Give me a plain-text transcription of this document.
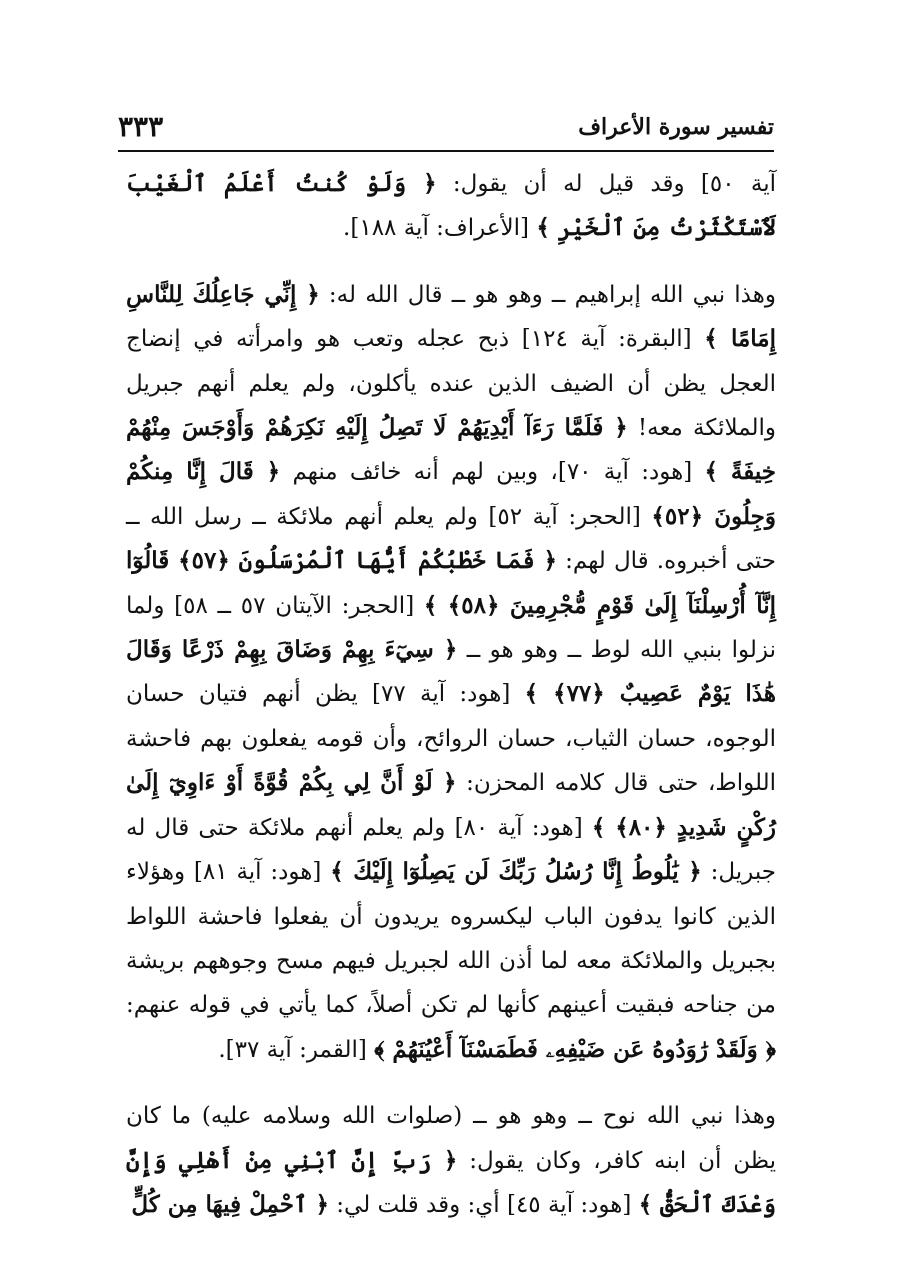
تفسير سورة الأعراف
٣٣٣

آية ٥٠] وقد قيل له أن يقول: ﴿ وَلَوْ كُنتُ أَعْلَمُ ٱلْغَيْبَ لَٱسْتَكْثَرْتُ مِنَ ٱلْخَيْرِ ﴾ [الأعراف: آية ١٨٨].

وهذا نبي الله إبراهيم ــ وهو هو ــ قال الله له: ﴿ إِنِّي جَاعِلُكَ لِلنَّاسِ إِمَامًا ﴾ [البقرة: آية ١٢٤] ذبح عجله وتعب هو وامرأته في إنضاج العجل يظن أن الضيف الذين عنده يأكلون، ولم يعلم أنهم جبريل والملائكة معه! ﴿ فَلَمَّا رَءَآ أَيْدِيَهُمْ لَا تَصِلُ إِلَيْهِ نَكِرَهُمْ وَأَوْجَسَ مِنْهُمْ خِيفَةً ﴾ [هود: آية ٧٠]، وبين لهم أنه خائف منهم ﴿ قَالَ إِنَّا مِنكُمْ وَجِلُونَ ﴿٥٢﴾ [الحجر: آية ٥٢] ولم يعلم أنهم ملائكة ــ رسل الله ــ حتى أخبروه. قال لهم: ﴿ فَمَا خَطْبُكُمْ أَيُّهَا ٱلْمُرْسَلُونَ ﴿٥٧﴾ قَالُوٓا إِنَّآ أُرْسِلْنَآ إِلَىٰ قَوْمٍ مُّجْرِمِينَ ﴿٥٨﴾ ﴾ [الحجر: الآيتان ٥٧ ــ ٥٨] ولما نزلوا بنبي الله لوط ــ وهو هو ــ ﴿ سِيٓءَ بِهِمْ وَضَاقَ بِهِمْ ذَرْعًا وَقَالَ هَٰذَا يَوْمٌ عَصِيبٌ ﴿٧٧﴾ ﴾ [هود: آية ٧٧] يظن أنهم فتيان حسان الوجوه، حسان الثياب، حسان الروائح، وأن قومه يفعلون بهم فاحشة اللواط، حتى قال كلامه المحزن: ﴿ لَوْ أَنَّ لِي بِكُمْ قُوَّةً أَوْ ءَاوِيٓ إِلَىٰ رُكْنٍ شَدِيدٍ ﴿٨٠﴾ ﴾ [هود: آية ٨٠] ولم يعلم أنهم ملائكة حتى قال له جبريل: ﴿ يَٰلُوطُ إِنَّا رُسُلُ رَبِّكَ لَن يَصِلُوٓا إِلَيْكَ ﴾ [هود: آية ٨١] وهؤلاء الذين كانوا يدفون الباب ليكسروه يريدون أن يفعلوا فاحشة اللواط بجبريل والملائكة معه لما أذن الله لجبريل فيهم مسح وجوههم بريشة من جناحه فبقيت أعينهم كأنها لم تكن أصلاً، كما يأتي في قوله عنهم: ﴿ وَلَقَدْ رَٰوَدُوهُ عَن ضَيْفِهِۦ فَطَمَسْنَآ أَعْيُنَهُمْ ﴾ [القمر: آية ٣٧].

وهذا نبي الله نوح ــ وهو هو ــ (صلوات الله وسلامه عليه) ما كان يظن أن ابنه كافر، وكان يقول: ﴿ رَبِّ إِنَّ ٱبْنِي مِنْ أَهْلِي وَإِنَّ وَعْدَكَ ٱلْحَقُّ ﴾ [هود: آية ٤٥] أي: وقد قلت لي: ﴿ ٱحْمِلْ فِيهَا مِن كُلٍّ
